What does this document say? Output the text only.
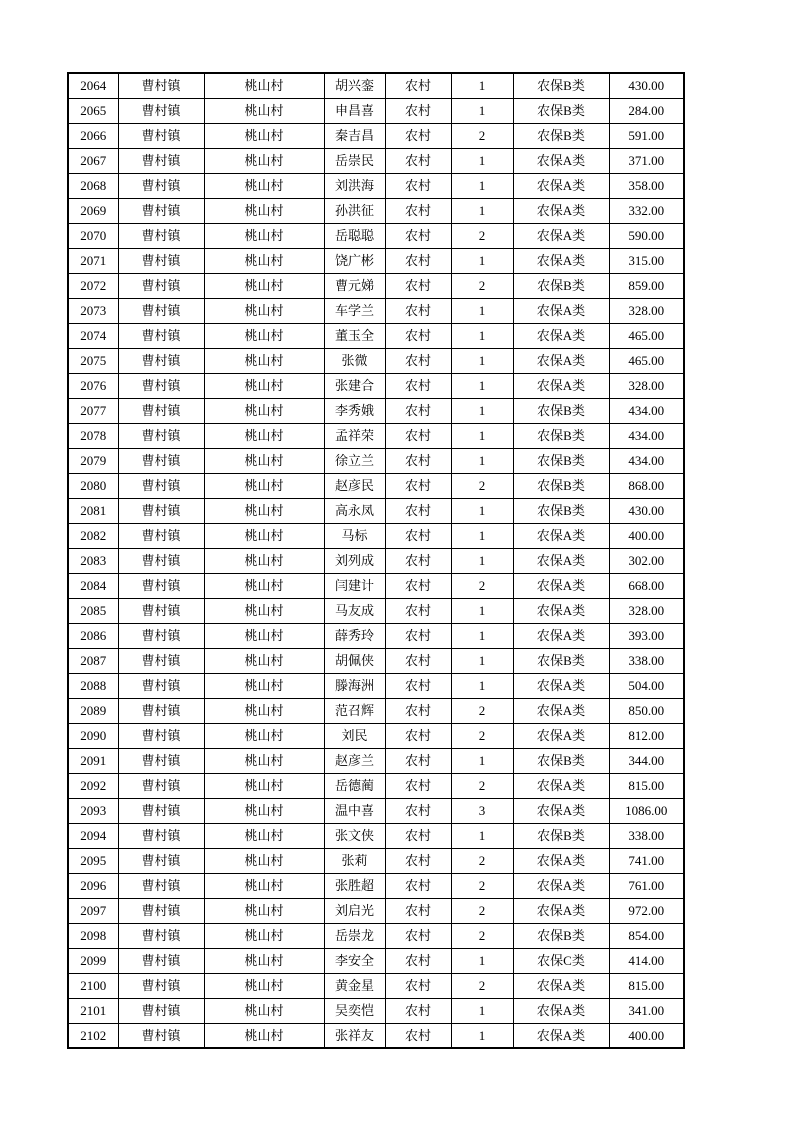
2064	曹村镇	桃山村	胡兴銮	农村	1	农保B类	430.00
2065	曹村镇	桃山村	申昌喜	农村	1	农保B类	284.00
2066	曹村镇	桃山村	秦吉昌	农村	2	农保B类	591.00
2067	曹村镇	桃山村	岳崇民	农村	1	农保A类	371.00
2068	曹村镇	桃山村	刘洪海	农村	1	农保A类	358.00
2069	曹村镇	桃山村	孙洪征	农村	1	农保A类	332.00
2070	曹村镇	桃山村	岳聪聪	农村	2	农保A类	590.00
2071	曹村镇	桃山村	饶广彬	农村	1	农保A类	315.00
2072	曹村镇	桃山村	曹元娣	农村	2	农保B类	859.00
2073	曹村镇	桃山村	车学兰	农村	1	农保A类	328.00
2074	曹村镇	桃山村	董玉全	农村	1	农保A类	465.00
2075	曹村镇	桃山村	张微	农村	1	农保A类	465.00
2076	曹村镇	桃山村	张建合	农村	1	农保A类	328.00
2077	曹村镇	桃山村	李秀娥	农村	1	农保B类	434.00
2078	曹村镇	桃山村	孟祥荣	农村	1	农保B类	434.00
2079	曹村镇	桃山村	徐立兰	农村	1	农保B类	434.00
2080	曹村镇	桃山村	赵彦民	农村	2	农保B类	868.00
2081	曹村镇	桃山村	高永凤	农村	1	农保B类	430.00
2082	曹村镇	桃山村	马标	农村	1	农保A类	400.00
2083	曹村镇	桃山村	刘列成	农村	1	农保A类	302.00
2084	曹村镇	桃山村	闫建计	农村	2	农保A类	668.00
2085	曹村镇	桃山村	马友成	农村	1	农保A类	328.00
2086	曹村镇	桃山村	薛秀玲	农村	1	农保A类	393.00
2087	曹村镇	桃山村	胡佩侠	农村	1	农保B类	338.00
2088	曹村镇	桃山村	滕海洲	农村	1	农保A类	504.00
2089	曹村镇	桃山村	范召辉	农村	2	农保A类	850.00
2090	曹村镇	桃山村	刘民	农村	2	农保A类	812.00
2091	曹村镇	桃山村	赵彦兰	农村	1	农保B类	344.00
2092	曹村镇	桃山村	岳德蔺	农村	2	农保A类	815.00
2093	曹村镇	桃山村	温中喜	农村	3	农保A类	1086.00
2094	曹村镇	桃山村	张文侠	农村	1	农保B类	338.00
2095	曹村镇	桃山村	张莉	农村	2	农保A类	741.00
2096	曹村镇	桃山村	张胜超	农村	2	农保A类	761.00
2097	曹村镇	桃山村	刘启光	农村	2	农保A类	972.00
2098	曹村镇	桃山村	岳崇龙	农村	2	农保B类	854.00
2099	曹村镇	桃山村	李安全	农村	1	农保C类	414.00
2100	曹村镇	桃山村	黄金星	农村	2	农保A类	815.00
2101	曹村镇	桃山村	吴奕恺	农村	1	农保A类	341.00
2102	曹村镇	桃山村	张祥友	农村	1	农保A类	400.00
